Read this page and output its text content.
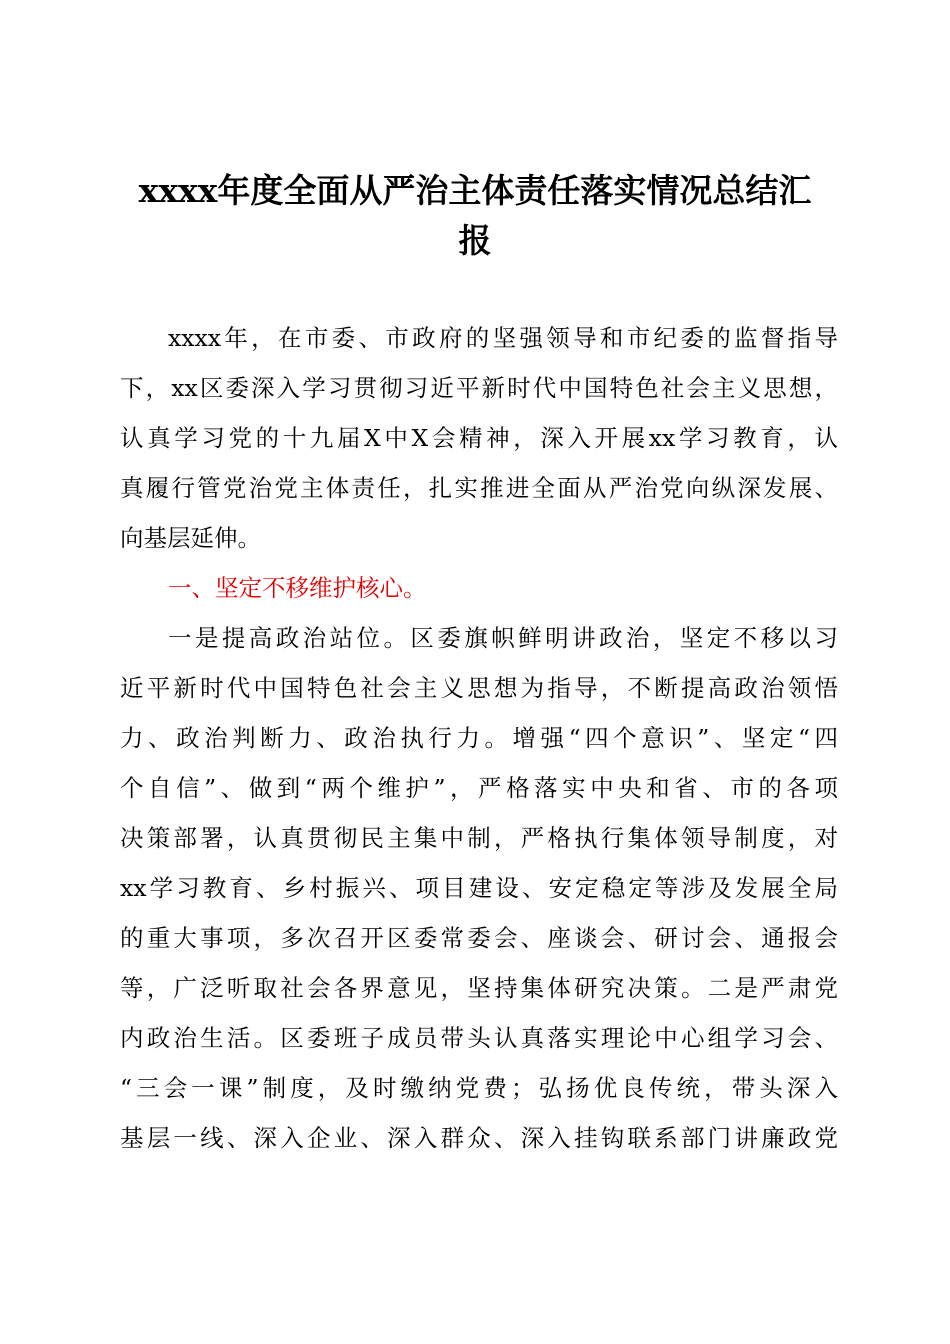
xxxx年度全面从严治主体责任落实情况总结汇
报
xxxx年，在市委、市政府的坚强领导和市纪委的监督指导
下，xx区委深入学习贯彻习近平新时代中国特色社会主义思想，
认真学习党的十九届X中X会精神，深入开展xx学习教育，认
真履行管党治党主体责任，扎实推进全面从严治党向纵深发展、
向基层延伸。
一、坚定不移维护核心。
一是提高政治站位。区委旗帜鲜明讲政治，坚定不移以习
近平新时代中国特色社会主义思想为指导，不断提高政治领悟
力、政治判断力、政治执行力。增强“四个意识”、坚定“四
个自信”、做到“两个维护”，严格落实中央和省、市的各项
决策部署，认真贯彻民主集中制，严格执行集体领导制度，对
xx学习教育、乡村振兴、项目建设、安定稳定等涉及发展全局
的重大事项，多次召开区委常委会、座谈会、研讨会、通报会
等，广泛听取社会各界意见，坚持集体研究决策。二是严肃党
内政治生活。区委班子成员带头认真落实理论中心组学习会、
“三会一课”制度，及时缴纳党费；弘扬优良传统，带头深入
基层一线、深入企业、深入群众、深入挂钩联系部门讲廉政党
